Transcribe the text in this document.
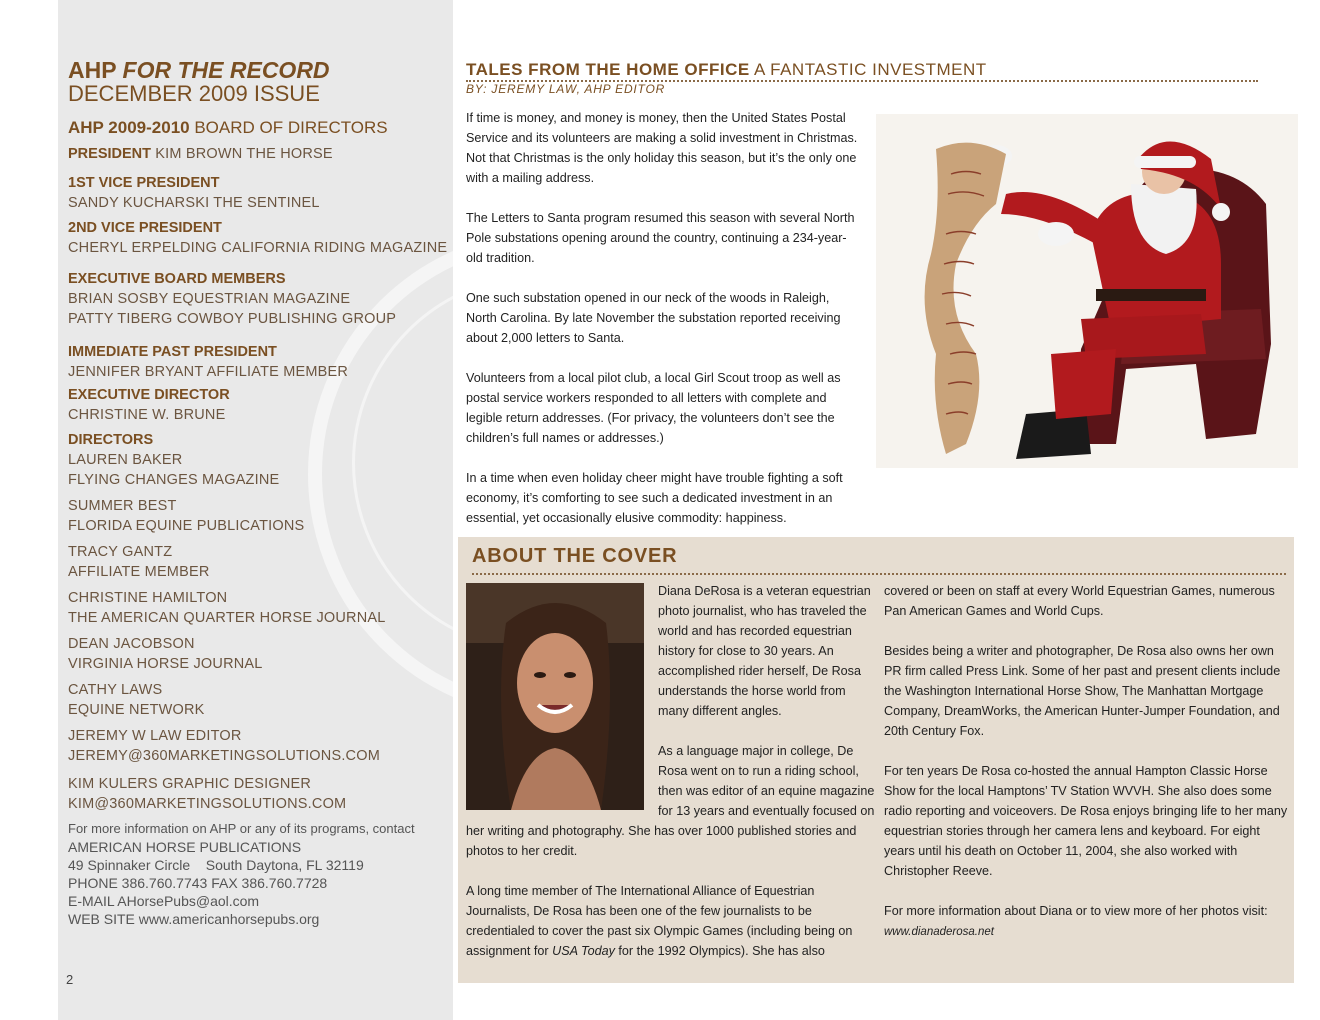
AHP FOR THE RECORD
DECEMBER 2009 ISSUE
AHP 2009-2010 BOARD OF DIRECTORS
PRESIDENT KIM BROWN THE HORSE
1ST VICE PRESIDENT
SANDY KUCHARSKI THE SENTINEL
2ND VICE PRESIDENT
CHERYL ERPELDING CALIFORNIA RIDING MAGAZINE
EXECUTIVE BOARD MEMBERS
BRIAN SOSBY EQUESTRIAN MAGAZINE
PATTY TIBERG COWBOY PUBLISHING GROUP
IMMEDIATE PAST PRESIDENT
JENNIFER BRYANT AFFILIATE MEMBER
EXECUTIVE DIRECTOR
CHRISTINE W. BRUNE
DIRECTORS
LAUREN BAKER
FLYING CHANGES MAGAZINE
SUMMER BEST
FLORIDA EQUINE PUBLICATIONS
TRACY GANTZ
AFFILIATE MEMBER
CHRISTINE HAMILTON
THE AMERICAN QUARTER HORSE JOURNAL
DEAN JACOBSON
VIRGINIA HORSE JOURNAL
CATHY LAWS
EQUINE NETWORK
JEREMY W LAW EDITOR
JEREMY@360MARKETINGSOLUTIONS.COM
KIM KULERS GRAPHIC DESIGNER
KIM@360MARKETINGSOLUTIONS.COM
For more information on AHP or any of its programs, contact
AMERICAN HORSE PUBLICATIONS
49 Spinnaker Circle    South Daytona, FL 32119
PHONE 386.760.7743 FAX 386.760.7728
E-MAIL AHorsePubs@aol.com
WEB SITE www.americanhorsepubs.org
2
TALES FROM THE HOME OFFICE A FANTASTIC INVESTMENT
BY: JEREMY LAW, AHP EDITOR

If time is money, and money is money, then the United States Postal Service and its volunteers are making a solid investment in Christmas. Not that Christmas is the only holiday this season, but it’s the only one with a mailing address.

The Letters to Santa program resumed this season with several North Pole substations opening around the country, continuing a 234-year-old tradition.

One such substation opened in our neck of the woods in Raleigh, North Carolina. By late November the substation reported receiving about 2,000 letters to Santa.

Volunteers from a local pilot club, a local Girl Scout troop as well as postal service workers responded to all letters with complete and legible return addresses. (For privacy, the volunteers don’t see the children’s full names or addresses.)

In a time when even holiday cheer might have trouble fighting a soft economy, it’s comforting to see such a dedicated investment in an essential, yet occasionally elusive commodity: happiness.

ABOUT THE COVER

Diana DeRosa is a veteran equestrian photo journalist, who has traveled the world and has recorded equestrian history for close to 30 years. An accomplished rider herself, De Rosa understands the horse world from many different angles.

As a language major in college, De Rosa went on to run a riding school, then was editor of an equine magazine for 13 years and eventually focused on her writing and photography. She has over 1000 published stories and photos to her credit.

A long time member of The International Alliance of Equestrian Journalists, De Rosa has been one of the few journalists to be credentialed to cover the past six Olympic Games (including being on assignment for USA Today for the 1992 Olympics). She has also

covered or been on staff at every World Equestrian Games, numerous Pan American Games and World Cups.

Besides being a writer and photographer, De Rosa also owns her own PR firm called Press Link. Some of her past and present clients include the Washington International Horse Show, The Manhattan Mortgage Company, DreamWorks, the American Hunter-Jumper Foundation, and 20th Century Fox.

For ten years De Rosa co-hosted the annual Hampton Classic Horse Show for the local Hamptons’ TV Station WVVH. She also does some radio reporting and voiceovers. De Rosa enjoys bringing life to her many equestrian stories through her camera lens and keyboard. For eight years until his death on October 11, 2004, she also worked with Christopher Reeve.

For more information about Diana or to view more of her photos visit: www.dianaderosa.net
